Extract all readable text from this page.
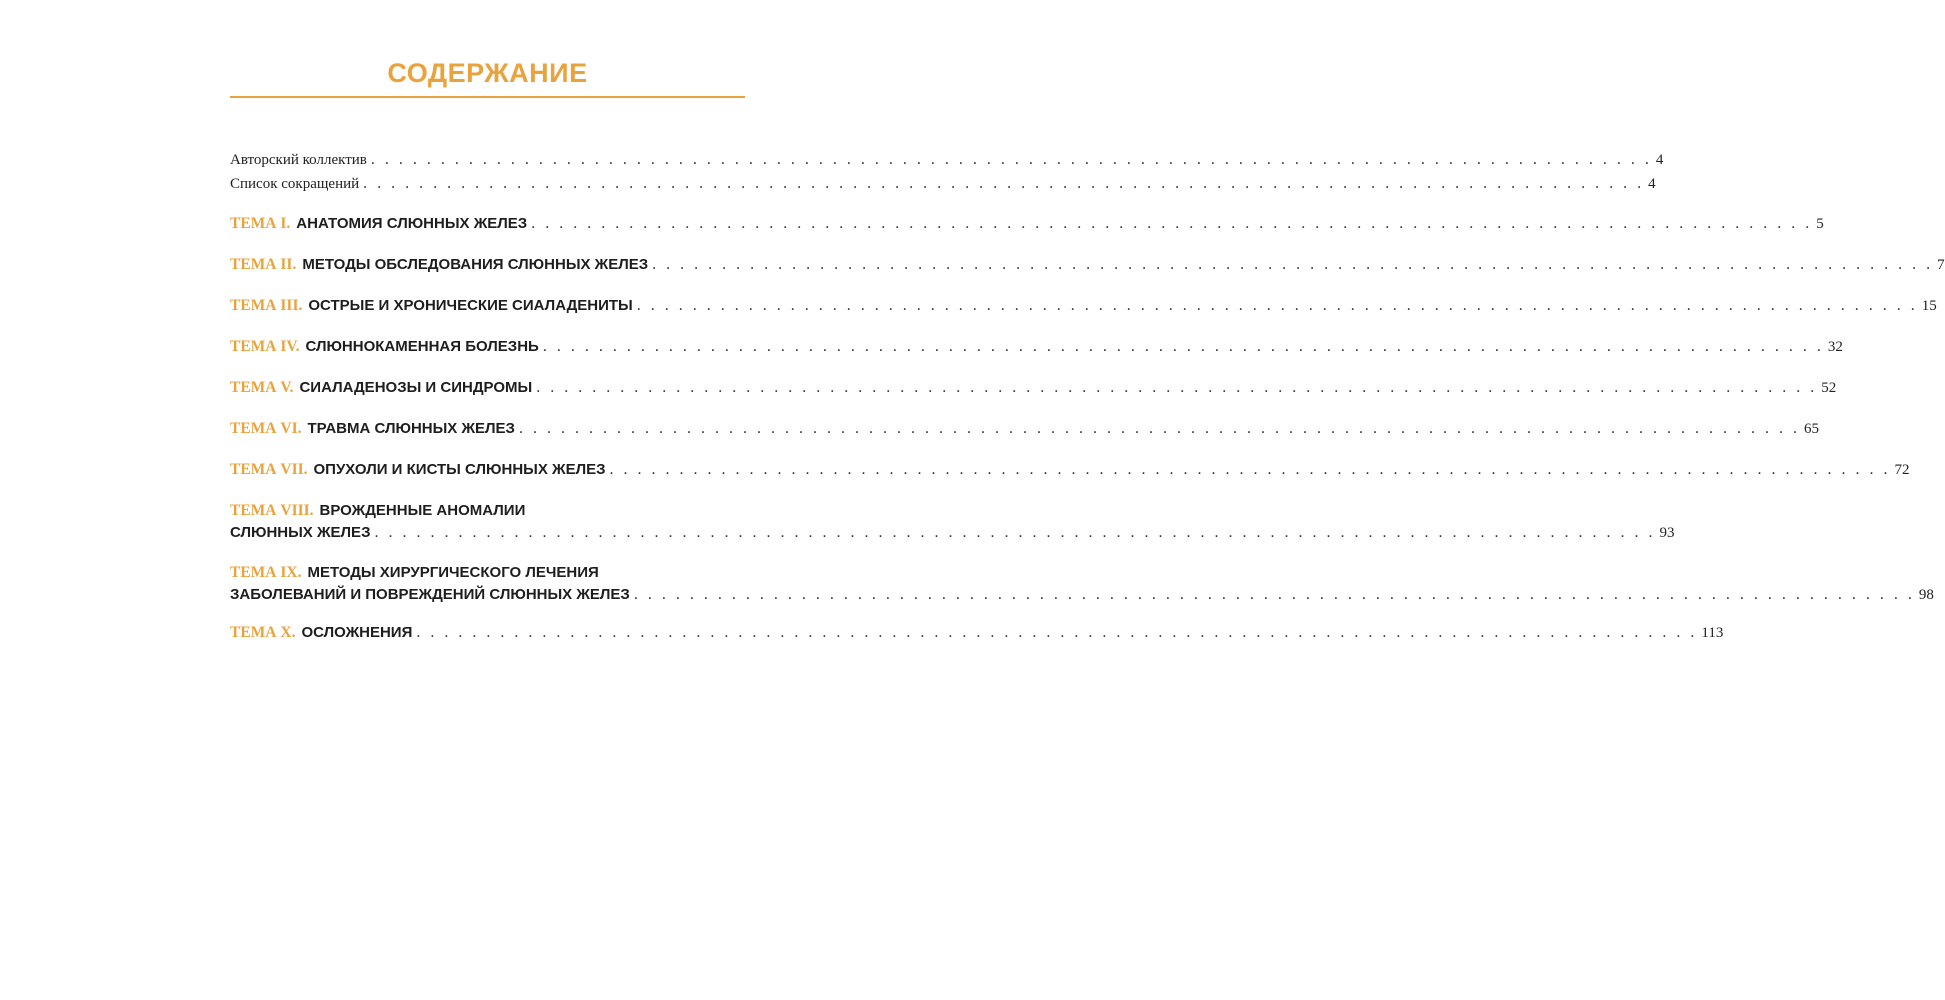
СОДЕРЖАНИЕ
Авторский коллектив . . . . . . . . . . . . . . . . . . . . . . . . . . . . . . . . . . . . . . . . . . . . . . . . . . . . . . . . . . . . . . . . . . . . . . . . . . . . . . . . . . . . . . . . . . . . 4
Список сокращений . . . . . . . . . . . . . . . . . . . . . . . . . . . . . . . . . . . . . . . . . . . . . . . . . . . . . . . . . . . . . . . . . . . . . . . . . . . . . . . . . . . . . . . . . . . . 4
ТЕМА I. АНАТОМИЯ СЛЮННЫХ ЖЕЛЕЗ . . . . . . . . . . . . . . . . . . . . . . . . . . . . . . . . . . . . . . . . . . . . . . . . . . . . . . . . . . . . . . . . . . . . . . . . . . . . . . . . . . . . . . . . . . . . 5
ТЕМА II. МЕТОДЫ ОБСЛЕДОВАНИЯ СЛЮННЫХ ЖЕЛЕЗ . . . . . . . . . . . . . . . . . . . . . . . . . . . . . . . . . . . . . . . . . . . . . . . . . . . . . . . . . . . . . . . . . . . . . . . . . . . . . . . . . . . . . . . . . . . . 7
ТЕМА III. ОСТРЫЕ И ХРОНИЧЕСКИЕ СИАЛАДЕНИТЫ . . . . . . . . . . . . . . . . . . . . . . . . . . . . . . . . . . . . . . . . . . . . . . . . . . . . . . . . . . . . . . . . . . . . . . . . . . . . . . . . . . . . . . . . . . . . 15
ТЕМА IV. СЛЮННОКАМЕННАЯ БОЛЕЗНЬ . . . . . . . . . . . . . . . . . . . . . . . . . . . . . . . . . . . . . . . . . . . . . . . . . . . . . . . . . . . . . . . . . . . . . . . . . . . . . . . . . . . . . . . . . . . . 32
ТЕМА V. СИАЛАДЕНОЗЫ И СИНДРОМЫ . . . . . . . . . . . . . . . . . . . . . . . . . . . . . . . . . . . . . . . . . . . . . . . . . . . . . . . . . . . . . . . . . . . . . . . . . . . . . . . . . . . . . . . . . . . . 52
ТЕМА VI. ТРАВМА СЛЮННЫХ ЖЕЛЕЗ . . . . . . . . . . . . . . . . . . . . . . . . . . . . . . . . . . . . . . . . . . . . . . . . . . . . . . . . . . . . . . . . . . . . . . . . . . . . . . . . . . . . . . . . . . . . 65
ТЕМА VII. ОПУХОЛИ И КИСТЫ СЛЮННЫХ ЖЕЛЕЗ . . . . . . . . . . . . . . . . . . . . . . . . . . . . . . . . . . . . . . . . . . . . . . . . . . . . . . . . . . . . . . . . . . . . . . . . . . . . . . . . . . . . . . . . . . . . 72
ТЕМА VIII. ВРОЖДЕННЫЕ АНОМАЛИИ
СЛЮННЫХ ЖЕЛЕЗ . . . . . . . . . . . . . . . . . . . . . . . . . . . . . . . . . . . . . . . . . . . . . . . . . . . . . . . . . . . . . . . . . . . . . . . . . . . . . . . . . . . . . . . . . . . . 93
ТЕМА IX. МЕТОДЫ ХИРУРГИЧЕСКОГО ЛЕЧЕНИЯ
ЗАБОЛЕВАНИЙ И ПОВРЕЖДЕНИЙ СЛЮННЫХ ЖЕЛЕЗ . . . . . . . . . . . . . . . . . . . . . . . . . . . . . . . . . . . . . . . . . . . . . . . . . . . . . . . . . . . . . . . . . . . . . . . . . . . . . . . . . . . . . . . . . . . . 98
ТЕМА X. ОСЛОЖНЕНИЯ . . . . . . . . . . . . . . . . . . . . . . . . . . . . . . . . . . . . . . . . . . . . . . . . . . . . . . . . . . . . . . . . . . . . . . . . . . . . . . . . . . . . . . . . . . . . 113
